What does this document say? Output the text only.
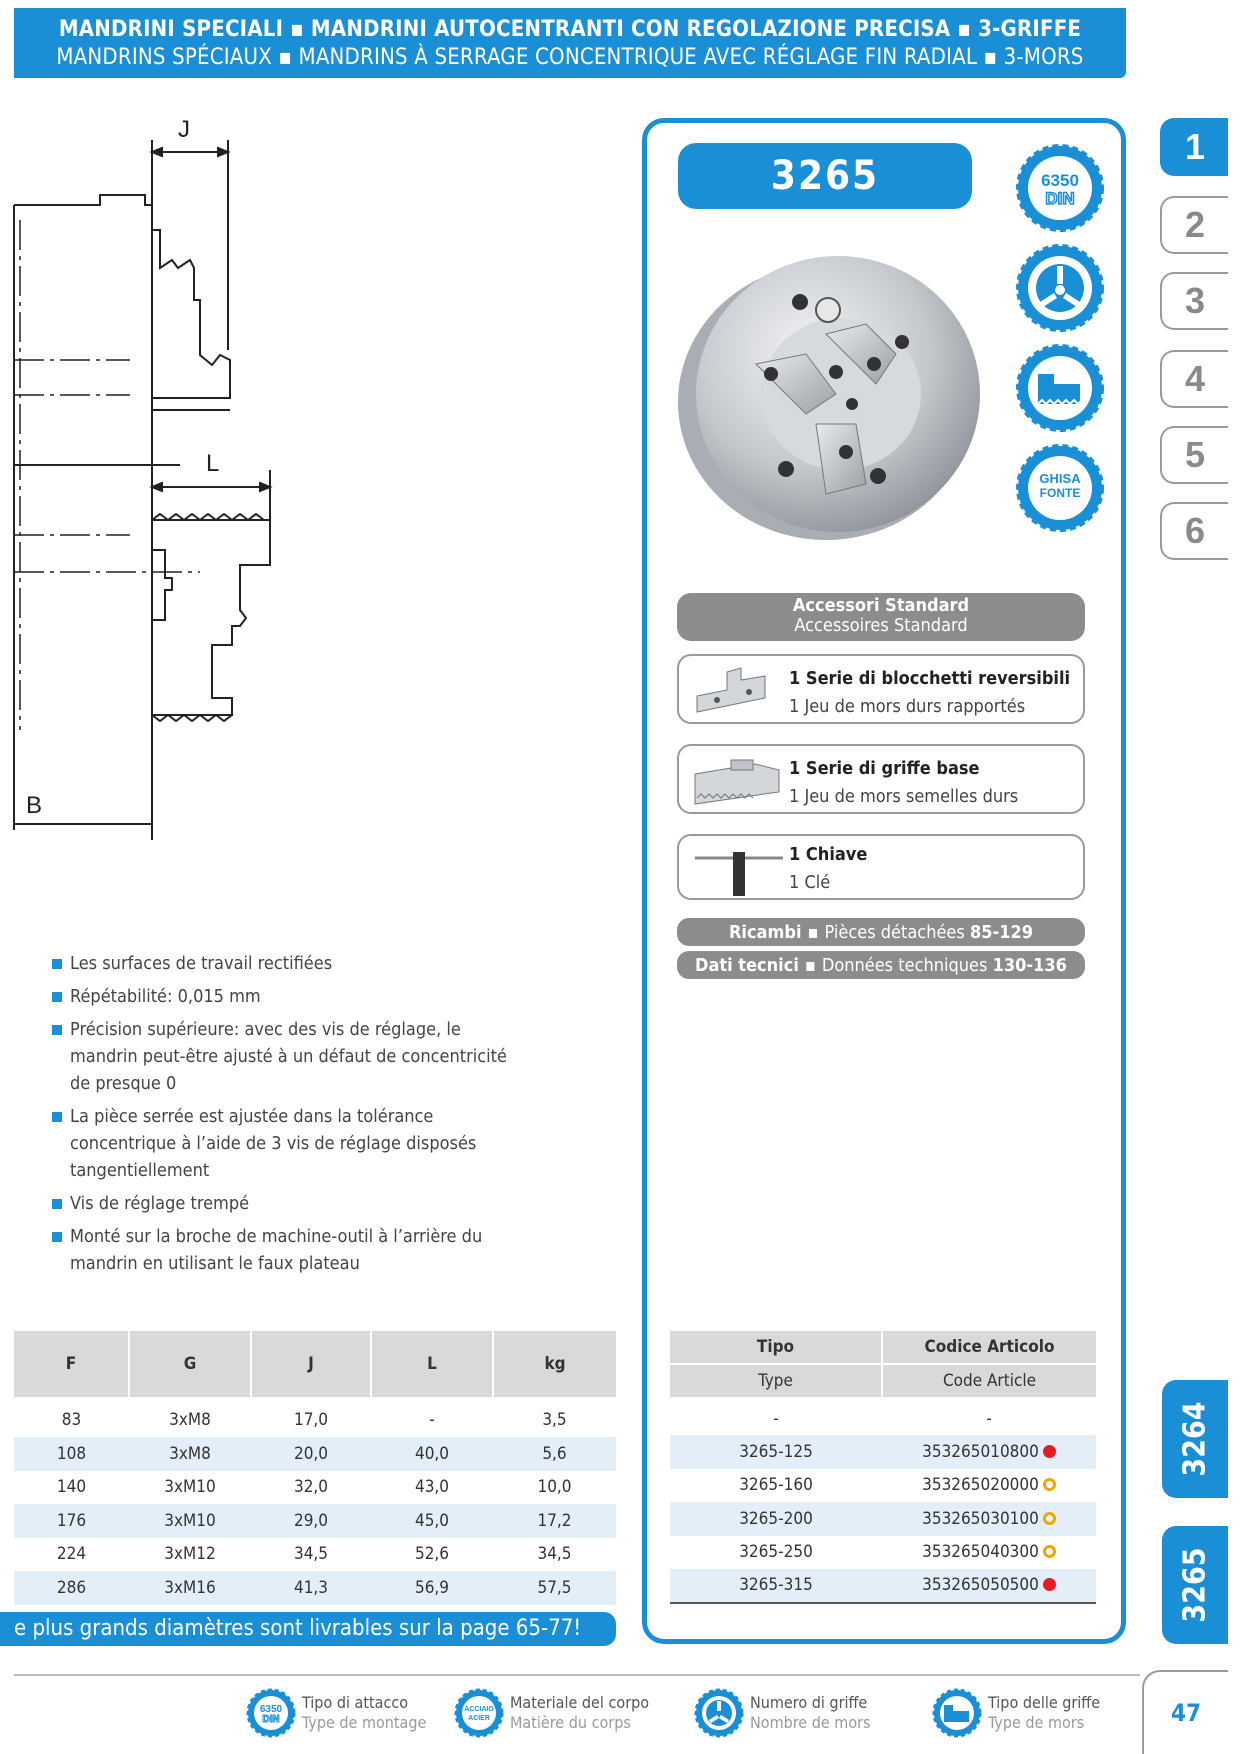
MANDRINI SPECIALI ▪ MANDRINI AUTOCENTRANTI CON REGOLAZIONE PRECISA ▪ 3-GRIFFE
MANDRINS SPÉCIAUX ▪ MANDRINS À SERRAGE CONCENTRIQUE AVEC RÉGLAGE FIN RADIAL ▪ 3-MORS
J
L
B
1
2
3
4
5
6
3264
3265
3265	6350
DIN
GHISA
FONTE
Accessori Standard
Accessoires Standard
1 Serie di blocchetti reversibili
1 Jeu de mors durs rapportés
1 Serie di griffe base
1 Jeu de mors semelles durs
1 Chiave
1 Clé
Ricambi ▪ Pièces détachées
85-129
Dati tecnici ▪ Données techniques
130-136
Les surfaces de travail rectifiées
Répétabilité: 0,015 mm
Précision supérieure: avec des vis de réglage, le mandrin peut-être ajusté à un défaut de concentricité de presque 0
La pièce serrée est ajustée dans la tolérance concentrique à l’aide de 3 vis de réglage disposés tangentiellement
Vis de réglage trempé
Monté sur la broche de machine-outil à l’arrière du mandrin en utilisant le faux plateau
F	G	J	L	kg
83	3xM8	17,0	-	3,5
108	3xM8	20,0	40,0	5,6
140	3xM10	32,0	43,0	10,0
176	3xM10	29,0	45,0	17,2
224	3xM12	34,5	52,6	34,5
286	3xM16	41,3	56,9	57,5
Tipo	Codice Articolo
Type	Code Article
-	-
3265-125	353265010800
3265-160	353265020000
3265-200	353265030100
3265-250	353265040300
3265-315	353265050500
e plus grands diamètres sont livrables sur la page 65-77!
6350
DIN
Tipo di attacco
Type de montage
ACCIAIO
ACIER
Materiale del corpo
Matière du corps
Numero di griffe
Nombre de mors
Tipo delle griffe
Type de mors	47
